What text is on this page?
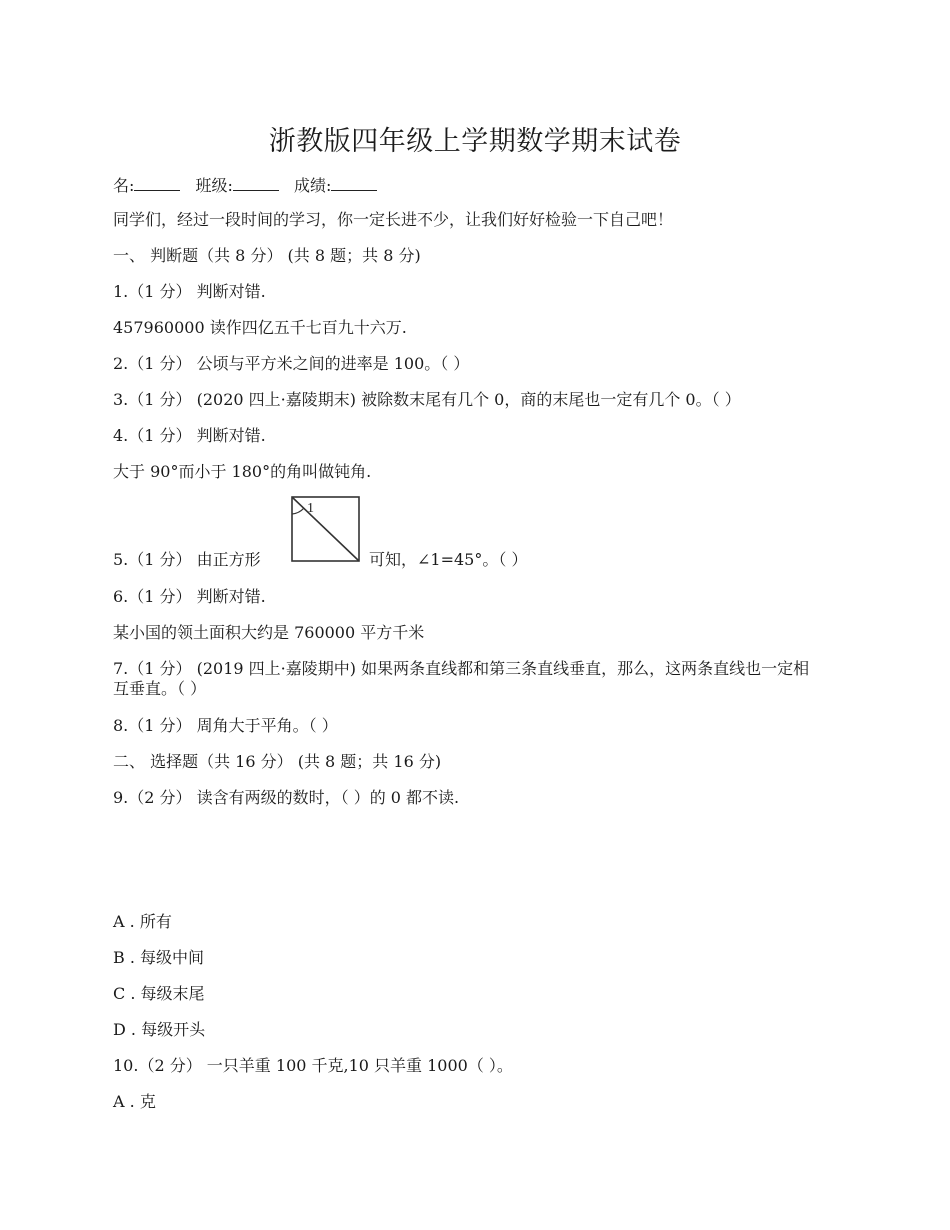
浙教版四年级上学期数学期末试卷
名:	班级:	成绩:
同学们，经过一段时间的学习，你一定长进不少，让我们好好检验一下自己吧！
一、 判断题（共 8 分） (共 8 题；共 8 分)
1.（1 分） 判断对错.
457960000 读作四亿五千七百九十六万.
2.（1 分） 公顷与平方米之间的进率是 100。（ ）
3.（1 分） (2020 四上·嘉陵期末) 被除数末尾有几个 0，商的末尾也一定有几个 0。（ ）
4.（1 分） 判断对错.
大于 90°而小于 180°的角叫做钝角.
5.（1 分） 由正方形
1
可知，∠1=45°。（ ）
6.（1 分） 判断对错.
某小国的领土面积大约是 760000 平方千米
7.（1 分） (2019 四上·嘉陵期中) 如果两条直线都和第三条直线垂直，那么，这两条直线也一定相互垂直。（ ）
8.（1 分） 周角大于平角。（ ）
二、 选择题（共 16 分） (共 8 题；共 16 分)
9.（2 分） 读含有两级的数时，（ ）的 0 都不读.
A . 所有
B . 每级中间
C . 每级末尾
D . 每级开头
10.（2 分） 一只羊重 100 千克,10 只羊重 1000（ ）。
A . 克
